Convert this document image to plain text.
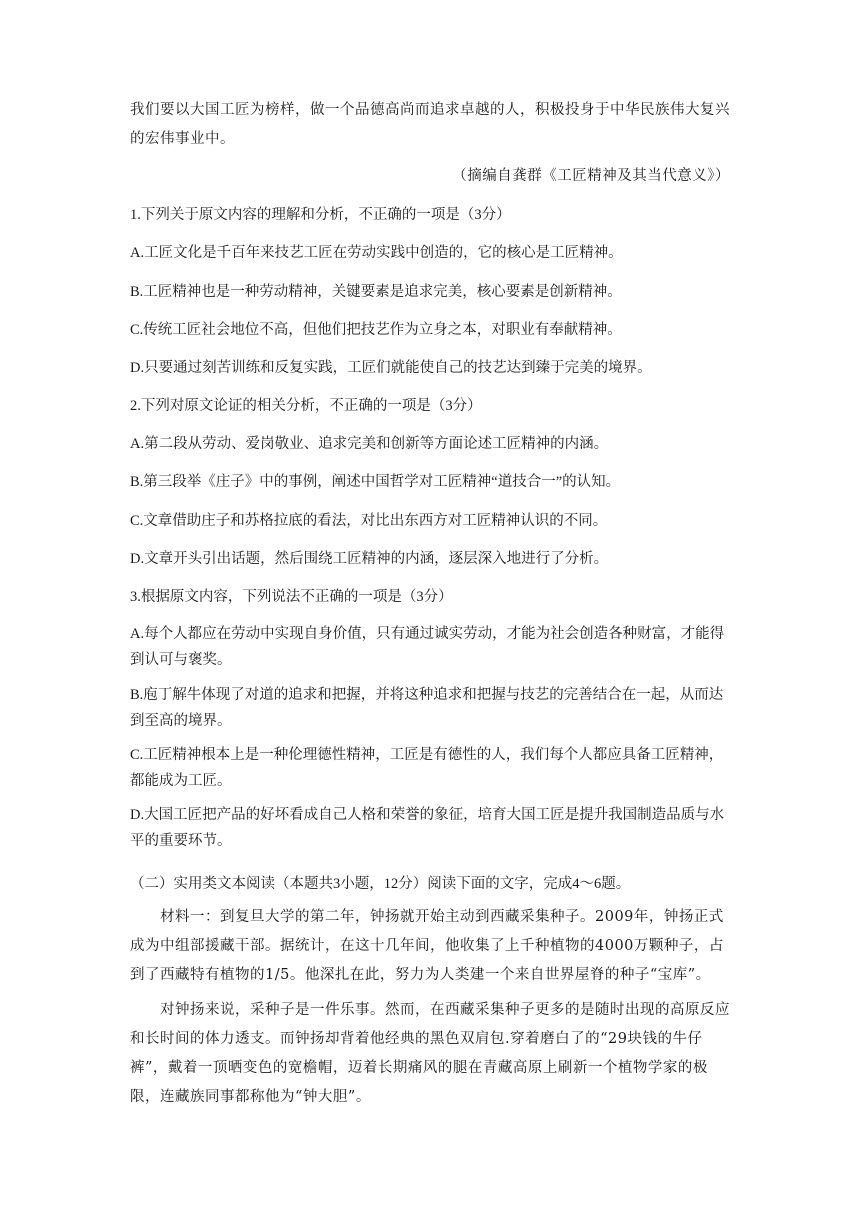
我们要以大国工匠为榜样，做一个品德高尚而追求卓越的人，积极投身于中华民族伟大复兴的宏伟事业中。

（摘编自龚群《工匠精神及其当代意义》）

1.下列关于原文内容的理解和分析，不正确的一项是（3分）

A.工匠文化是千百年来技艺工匠在劳动实践中创造的，它的核心是工匠精神。

B.工匠精神也是一种劳动精神，关键要素是追求完美，核心要素是创新精神。

C.传统工匠社会地位不高，但他们把技艺作为立身之本，对职业有奉献精神。

D.只要通过刻苦训练和反复实践，工匠们就能使自己的技艺达到臻于完美的境界。

2.下列对原文论证的相关分析，不正确的一项是（3分）

A.第二段从劳动、爱岗敬业、追求完美和创新等方面论述工匠精神的内涵。

B.第三段举《庄子》中的事例，阐述中国哲学对工匠精神“道技合一”的认知。

C.文章借助庄子和苏格拉底的看法，对比出东西方对工匠精神认识的不同。

D.文章开头引出话题，然后围绕工匠精神的内涵，逐层深入地进行了分析。

3.根据原文内容，下列说法不正确的一项是（3分）

A.每个人都应在劳动中实现自身价值，只有通过诚实劳动，才能为社会创造各种财富，才能得到认可与褒奖。

B.庖丁解牛体现了对道的追求和把握，并将这种追求和把握与技艺的完善结合在一起，从而达到至高的境界。

C.工匠精神根本上是一种伦理德性精神，工匠是有德性的人，我们每个人都应具备工匠精神，都能成为工匠。

D.大国工匠把产品的好坏看成自己人格和荣誉的象征，培育大国工匠是提升我国制造品质与水平的重要环节。

（二）实用类文本阅读（本题共3小题，12分）阅读下面的文字，完成4～6题。

材料一：到复旦大学的第二年，钟扬就开始主动到西藏采集种子。2009年，钟扬正式成为中组部援藏干部。据统计，在这十几年间，他收集了上千种植物的4000万颗种子，占到了西藏特有植物的1/5。他深扎在此，努力为人类建一个来自世界屋脊的种子“宝库”。

对钟扬来说，采种子是一件乐事。然而，在西藏采集种子更多的是随时出现的高原反应和长时间的体力透支。而钟扬却背着他经典的黑色双肩包.穿着磨白了的“29块钱的牛仔裤”，戴着一顶晒变色的宽檐帽，迈着长期痛风的腿在青藏高原上刷新一个植物学家的极限，连藏族同事都称他为“钟大胆”。
